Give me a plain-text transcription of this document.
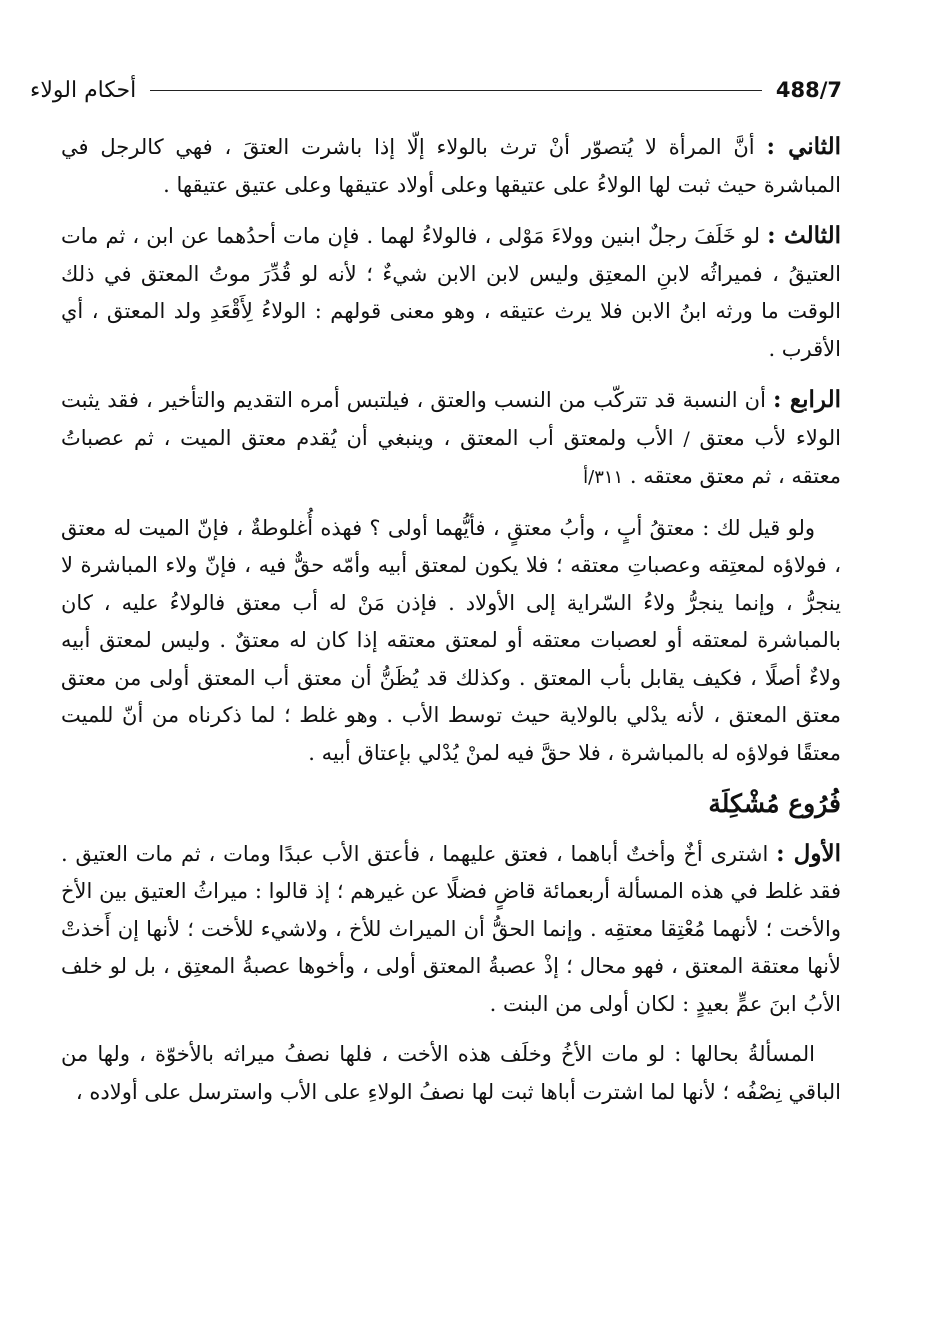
488/7
أحكام الولاء

الثاني : أنَّ المرأة لا يُتصوّر أنْ ترث بالولاء إلّا إذا باشرت العتقَ ، فهي كالرجل في المباشرة حيث ثبت لها الولاءُ على عتيقها وعلى أولاد عتيقها وعلى عتيق عتيقها .

الثالث : لو خَلَفَ رجلٌ ابنين وولاءَ مَوْلى ، فالولاءُ لهما . فإن مات أحدُهما عن ابن ، ثم مات العتيقُ ، فميراثُه لابنِ المعتِق وليس لابن الابن شيءٌ ؛ لأنه لو قُدِّرَ موتُ المعتق في ذلك الوقت ما ورثه ابنُ الابن فلا يرث عتيقه ، وهو معنى قولهم : الولاءُ لِأَقْعَدِ ولد المعتق ، أي الأقرب .

الرابع : أن النسبة قد تتركّب من النسب والعتق ، فيلتبس أمره التقديم والتأخير ، فقد يثبت الولاء لأب معتق / الأب ولمعتق أب المعتق ، وينبغي أن يُقدم معتق الميت ، ثم عصباتُ معتقه ، ثم معتق معتقه . ٣١١/أ

ولو قيل لك : معتقُ أبٍ ، وأبُ معتقٍ ، فأيُّهما أولى ؟ فهذه أُغلوطةٌ ، فإنّ الميت له معتق ، فولاؤه لمعتِقه وعصباتِ معتقه ؛ فلا يكون لمعتق أبيه وأمّه حقٌّ فيه ، فإنّ ولاء المباشرة لا ينجرُّ ، وإنما ينجرُّ ولاءُ السّراية إلى الأولاد . فإذن مَنْ له أب معتق فالولاءُ عليه ، كان بالمباشرة لمعتقه أو لعصبات معتقه أو لمعتق معتقه إذا كان له معتقٌ . وليس لمعتق أبيه ولاءٌ أصلًا ، فكيف يقابل بأب المعتق . وكذلك قد يُظَنُّ أن معتق أب المعتق أولى من معتق معتق المعتق ، لأنه يدْلي بالولاية حيث توسط الأب . وهو غلط ؛ لما ذكرناه من أنّ للميت معتقًا فولاؤه له بالمباشرة ، فلا حقَّ فيه لمنْ يُدْلي بإعتاق أبيه .

فُرُوع مُشْكِلَة

الأول : اشترى أخٌ وأختٌ أباهما ، فعتق عليهما ، فأعتق الأب عبدًا ومات ، ثم مات العتيق . فقد غلط في هذه المسألة أربعمائة قاضٍ فضلًا عن غيرهم ؛ إذ قالوا : ميراثُ العتيق بين الأخ والأخت ؛ لأنهما مُعْتِقا معتقِه . وإنما الحقُّ أن الميراث للأخ ، ولاشيء للأخت ؛ لأنها إن أَخذتْ لأنها معتقة المعتق ، فهو محال ؛ إذْ عصبةُ المعتق أولى ، وأخوها عصبةُ المعتِق ، بل لو خلف الأبُ ابنَ عمٍّ بعيدٍ : لكان أولى من البنت .

المسألةُ بحالها : لو مات الأخُ وخلَف هذه الأخت ، فلها نصفُ ميراثه بالأخوّة ، ولها من الباقي نِصْفُه ؛ لأنها لما اشترت أباها ثبت لها نصفُ الولاءِ على الأب واسترسل على أولاده ،
